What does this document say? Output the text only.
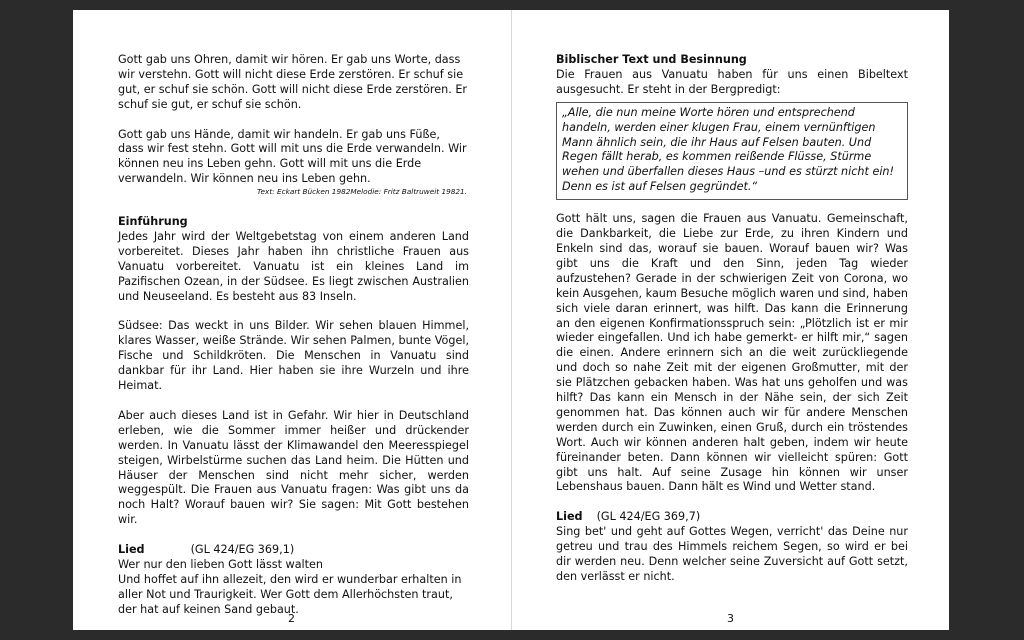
Gott gab uns Ohren, damit wir hören. Er gab uns Worte, dass wir verstehn. Gott will nicht diese Erde zerstören. Er schuf sie gut, er schuf sie schön. Gott will nicht diese Erde zerstören. Er schuf sie gut, er schuf sie schön.

Gott gab uns Hände, damit wir handeln. Er gab uns Füße, dass wir fest stehn. Gott will mit uns die Erde verwandeln. Wir können neu ins Leben gehn. Gott will mit uns die Erde verwandeln. Wir können neu ins Leben gehn.

Text: Eckart Bücken 1982Melodie: Fritz Baltruweit 19821.
Einführung

Jedes Jahr wird der Weltgebetstag von einem anderen Land vorbereitet. Dieses Jahr haben ihn christliche Frauen aus Vanuatu vorbereitet. Vanuatu ist ein kleines Land im Pazifischen Ozean, in der Südsee. Es liegt zwischen Australien und Neuseeland. Es besteht aus 83 Inseln.

Südsee: Das weckt in uns Bilder. Wir sehen blauen Himmel, klares Wasser, weiße Strände. Wir sehen Palmen, bunte Vögel, Fische und Schildkröten. Die Menschen in Vanuatu sind dankbar für ihr Land. Hier haben sie ihre Wurzeln und ihre Heimat.

Aber auch dieses Land ist in Gefahr. Wir hier in Deutschland erleben, wie die Sommer immer heißer und drückender werden. In Vanuatu lässt der Klimawandel den Meeresspiegel steigen, Wirbelstürme suchen das Land heim. Die Hütten und Häuser der Menschen sind nicht mehr sicher, werden weggespült. Die Frauen aus Vanuatu fragen: Was gibt uns da noch Halt? Worauf bauen wir? Sie sagen: Mit Gott bestehen wir.

Lied	(GL 424/EG 369,1)
Wer nur den lieben Gott lässt walten

Und hoffet auf ihn allezeit, den wird er wunderbar erhalten in aller Not und Traurigkeit. Wer Gott dem Allerhöchsten traut, der hat auf keinen Sand gebaut.

2
Biblischer Text und Besinnung

Die Frauen aus Vanuatu haben für uns einen Bibeltext ausgesucht. Er steht in der Bergpredigt:

„Alle, die nun meine Worte hören und entsprechend handeln, werden einer klugen Frau, einem vernünftigen Mann ähnlich sein, die ihr Haus auf Felsen bauten. Und Regen fällt herab, es kommen reißende Flüsse, Stürme wehen und überfallen dieses Haus –und es stürzt nicht ein! Denn es ist auf Felsen gegründet.“

Gott hält uns, sagen die Frauen aus Vanuatu. Gemeinschaft, die Dankbarkeit, die Liebe zur Erde, zu ihren Kindern und Enkeln sind das, worauf sie bauen. Worauf bauen wir? Was gibt uns die Kraft und den Sinn, jeden Tag wieder aufzustehen? Gerade in der schwierigen Zeit von Corona, wo kein Ausgehen, kaum Besuche möglich waren und sind, haben sich viele daran erinnert, was hilft. Das kann die Erinnerung an den eigenen Konfirmationsspruch sein: „Plötzlich ist er mir wieder eingefallen. Und ich habe gemerkt- er hilft mir,“ sagen die einen. Andere erinnern sich an die weit zurückliegende und doch so nahe Zeit mit der eigenen Großmutter, mit der sie Plätzchen gebacken haben. Was hat uns geholfen und was hilft? Das kann ein Mensch in der Nähe sein, der sich Zeit genommen hat. Das können auch wir für andere Menschen werden durch ein Zuwinken, einen Gruß, durch ein tröstendes Wort. Auch wir können anderen halt geben, indem wir heute füreinander beten. Dann können wir vielleicht spüren: Gott gibt uns halt. Auf seine Zusage hin können wir unser Lebenshaus bauen. Dann hält es Wind und Wetter stand.

Lied (GL 424/EG 369,7)

Sing bet' und geht auf Gottes Wegen, verricht' das Deine nur getreu und trau des Himmels reichem Segen, so wird er bei dir werden neu. Denn welcher seine Zuversicht auf Gott setzt, den verlässt er nicht.

3
